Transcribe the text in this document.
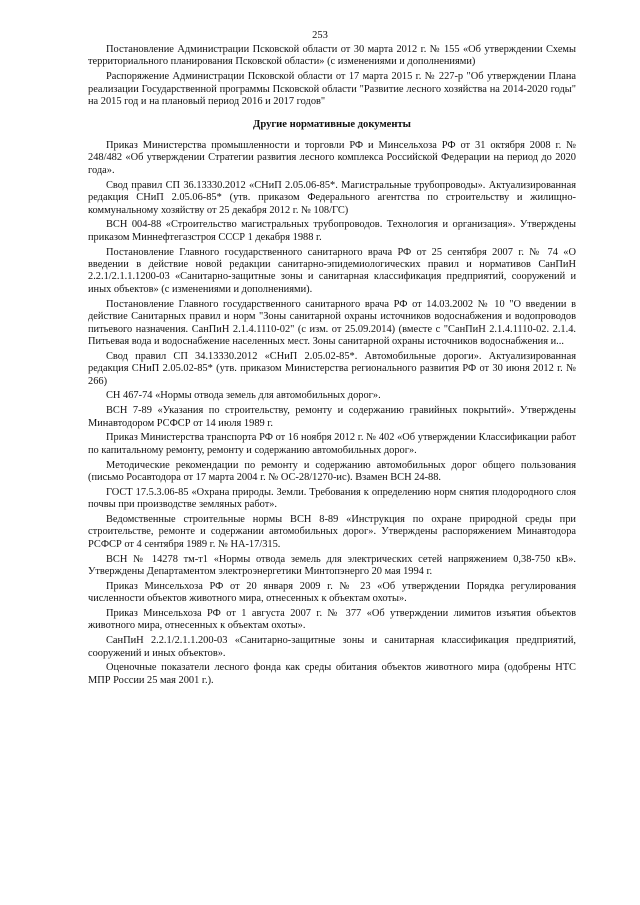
253

Постановление Администрации Псковской области от 30 марта 2012 г. № 155 «Об утверждении Схемы территориального планирования Псковской области» (с изменениями и дополнениями)

Распоряжение Администрации Псковской области от 17 марта 2015 г. № 227-р "Об утверждении Плана реализации Государственной программы Псковской области "Развитие лесного хозяйства на 2014-2020 годы" на 2015 год и на плановый период 2016 и 2017 годов"

Другие нормативные документы

Приказ Министерства промышленности и торговли РФ и Минсельхоза РФ от 31 октября 2008 г. № 248/482 «Об утверждении Стратегии развития лесного комплекса Российской Федерации на период до 2020 года».

Свод правил СП 36.13330.2012 «СНиП 2.05.06-85*. Магистральные трубопроводы». Актуализированная редакция СНиП 2.05.06-85* (утв. приказом Федерального агентства по строительству и жилищно-коммунальному хозяйству от 25 декабря 2012 г. № 108/ГС)

ВСН 004-88 «Строительство магистральных трубопроводов. Технология и организация». Утверждены приказом Миннефтегазстроя СССР 1 декабря 1988 г.

Постановление Главного государственного санитарного врача РФ от 25 сентября 2007 г. № 74 «О введении в действие новой редакции санитарно-эпидемиологических правил и нормативов СанПиН 2.2.1/2.1.1.1200-03 «Санитарно-защитные зоны и санитарная классификация предприятий, сооружений и иных объектов» (с изменениями и дополнениями).

Постановление Главного государственного санитарного врача РФ от 14.03.2002 № 10 "О введении в действие Санитарных правил и норм "Зоны санитарной охраны источников водоснабжения и водопроводов питьевого назначения. СанПиН 2.1.4.1110-02" (с изм. от 25.09.2014) (вместе с "СанПиН 2.1.4.1110-02. 2.1.4. Питьевая вода и водоснабжение населенных мест. Зоны санитарной охраны источников водоснабжения и...

Свод правил СП 34.13330.2012 «СНиП 2.05.02-85*. Автомобильные дороги». Актуализированная редакция СНиП 2.05.02-85* (утв. приказом Министерства регионального развития РФ от 30 июня 2012 г. № 266)

СН 467-74 «Нормы отвода земель для автомобильных дорог».

ВСН 7-89 «Указания по строительству, ремонту и содержанию гравийных покрытий». Утверждены Минавтодором РСФСР от 14 июля 1989 г.

Приказ Министерства транспорта РФ от 16 ноября 2012 г. № 402 «Об утверждении Классификации работ по капитальному ремонту, ремонту и содержанию автомобильных дорог».

Методические рекомендации по ремонту и содержанию автомобильных дорог общего пользования (письмо Росавтодора от 17 марта 2004 г. № ОС-28/1270-ис). Взамен ВСН 24-88.

ГОСТ 17.5.3.06-85 «Охрана природы. Земли. Требования к определению норм снятия плодородного слоя почвы при производстве земляных работ».

Ведомственные строительные нормы ВСН 8-89 «Инструкция по охране природной среды при строительстве, ремонте и содержании автомобильных дорог». Утверждены распоряжением Минавтодора РСФСР от 4 сентября 1989 г. № НА-17/315.

ВСН № 14278 тм-т1 «Нормы отвода земель для электрических сетей напряжением 0,38-750 кВ». Утверждены Департаментом электроэнергетики Минтопэнерго 20 мая 1994 г.

Приказ Минсельхоза РФ от 20 января 2009 г. № 23 «Об утверждении Порядка регулирования численности объектов животного мира, отнесенных к объектам охоты».

Приказ Минсельхоза РФ от 1 августа 2007 г. № 377 «Об утверждении лимитов изъятия объектов животного мира, отнесенных к объектам охоты».

СанПиН 2.2.1/2.1.1.200-03 «Санитарно-защитные зоны и санитарная классификация предприятий, сооружений и иных объектов».

Оценочные показатели лесного фонда как среды обитания объектов животного мира (одобрены НТС МПР России 25 мая 2001 г.).
